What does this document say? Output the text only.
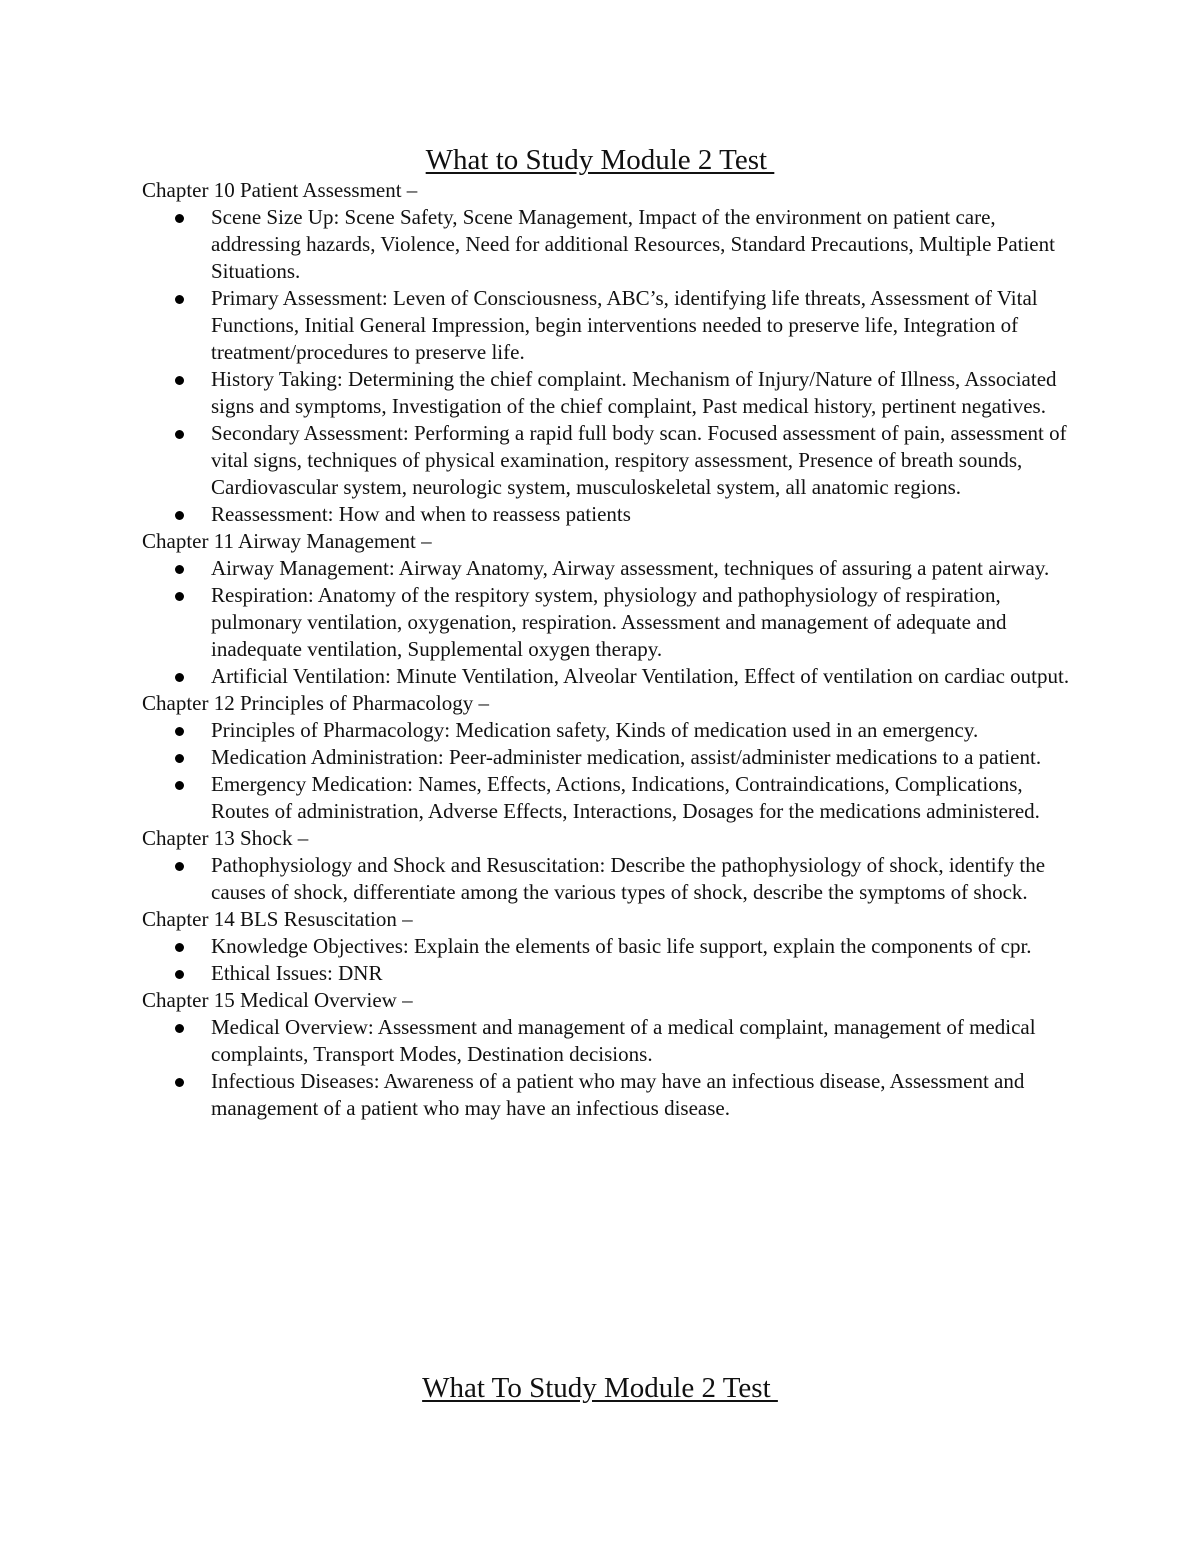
What to Study Module 2 Test
Chapter 10 Patient Assessment –
Scene Size Up: Scene Safety, Scene Management, Impact of the environment on patient care, addressing hazards, Violence, Need for additional Resources, Standard Precautions, Multiple Patient Situations.
Primary Assessment: Leven of Consciousness, ABC’s, identifying life threats, Assessment of Vital Functions, Initial General Impression, begin interventions needed to preserve life, Integration of treatment/procedures to preserve life.
History Taking: Determining the chief complaint. Mechanism of Injury/Nature of Illness, Associated signs and symptoms, Investigation of the chief complaint, Past medical history, pertinent negatives.
Secondary Assessment: Performing a rapid full body scan. Focused assessment of pain, assessment of vital signs, techniques of physical examination, respitory assessment, Presence of breath sounds, Cardiovascular system, neurologic system, musculoskeletal system, all anatomic regions.
Reassessment: How and when to reassess patients
Chapter 11 Airway Management –
Airway Management: Airway Anatomy, Airway assessment, techniques of assuring a patent airway.
Respiration: Anatomy of the respitory system, physiology and pathophysiology of respiration, pulmonary ventilation, oxygenation, respiration. Assessment and management of adequate and inadequate ventilation, Supplemental oxygen therapy.
Artificial Ventilation: Minute Ventilation, Alveolar Ventilation, Effect of ventilation on cardiac output.
Chapter 12 Principles of Pharmacology –
Principles of Pharmacology: Medication safety, Kinds of medication used in an emergency.
Medication Administration: Peer-administer medication, assist/administer medications to a patient.
Emergency Medication: Names, Effects, Actions, Indications, Contraindications, Complications, Routes of administration, Adverse Effects, Interactions, Dosages for the medications administered.
Chapter 13 Shock –
Pathophysiology and Shock and Resuscitation: Describe the pathophysiology of shock, identify the causes of shock, differentiate among the various types of shock, describe the symptoms of shock.
Chapter 14 BLS Resuscitation –
Knowledge Objectives: Explain the elements of basic life support, explain the components of cpr.
Ethical Issues: DNR
Chapter 15 Medical Overview –
Medical Overview: Assessment and management of a medical complaint, management of medical complaints, Transport Modes, Destination decisions.
Infectious Diseases: Awareness of a patient who may have an infectious disease, Assessment and management of a patient who may have an infectious disease.
What To Study Module 2 Test
